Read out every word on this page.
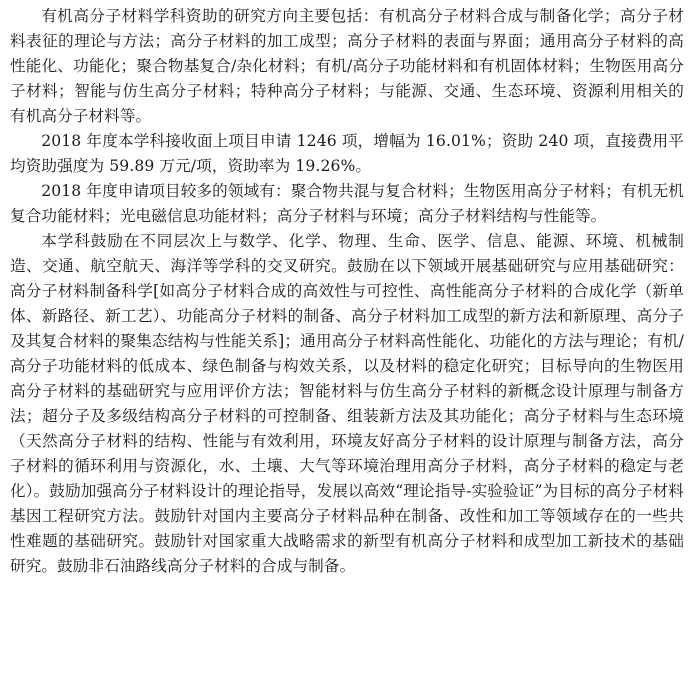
有机高分子材料学科资助的研究方向主要包括：有机高分子材料合成与制备化学；高分子材料表征的理论与方法；高分子材料的加工成型；高分子材料的表面与界面；通用高分子材料的高性能化、功能化；聚合物基复合/杂化材料；有机/高分子功能材料和有机固体材料；生物医用高分子材料；智能与仿生高分子材料；特种高分子材料；与能源、交通、生态环境、资源利用相关的有机高分子材料等。

2018 年度本学科接收面上项目申请 1246 项，增幅为 16.01%；资助 240 项，直接费用平均资助强度为 59.89 万元/项，资助率为 19.26%。

2018 年度申请项目较多的领域有：聚合物共混与复合材料；生物医用高分子材料；有机无机复合功能材料；光电磁信息功能材料；高分子材料与环境；高分子材料结构与性能等。

本学科鼓励在不同层次上与数学、化学、物理、生命、医学、信息、能源、环境、机械制造、交通、航空航天、海洋等学科的交叉研究。鼓励在以下领域开展基础研究与应用基础研究：高分子材料制备科学[如高分子材料合成的高效性与可控性、高性能高分子材料的合成化学（新单体、新路径、新工艺）、功能高分子材料的制备、高分子材料加工成型的新方法和新原理、高分子及其复合材料的聚集态结构与性能关系]；通用高分子材料高性能化、功能化的方法与理论；有机/高分子功能材料的低成本、绿色制备与构效关系，以及材料的稳定化研究；目标导向的生物医用高分子材料的基础研究与应用评价方法；智能材料与仿生高分子材料的新概念设计原理与制备方法；超分子及多级结构高分子材料的可控制备、组装新方法及其功能化；高分子材料与生态环境（天然高分子材料的结构、性能与有效利用，环境友好高分子材料的设计原理与制备方法，高分子材料的循环利用与资源化，水、土壤、大气等环境治理用高分子材料，高分子材料的稳定与老化）。鼓励加强高分子材料设计的理论指导，发展以高效“理论指导-实验验证”为目标的高分子材料基因工程研究方法。鼓励针对国内主要高分子材料品种在制备、改性和加工等领域存在的一些共性难题的基础研究。鼓励针对国家重大战略需求的新型有机高分子材料和成型加工新技术的基础研究。鼓励非石油路线高分子材料的合成与制备。
